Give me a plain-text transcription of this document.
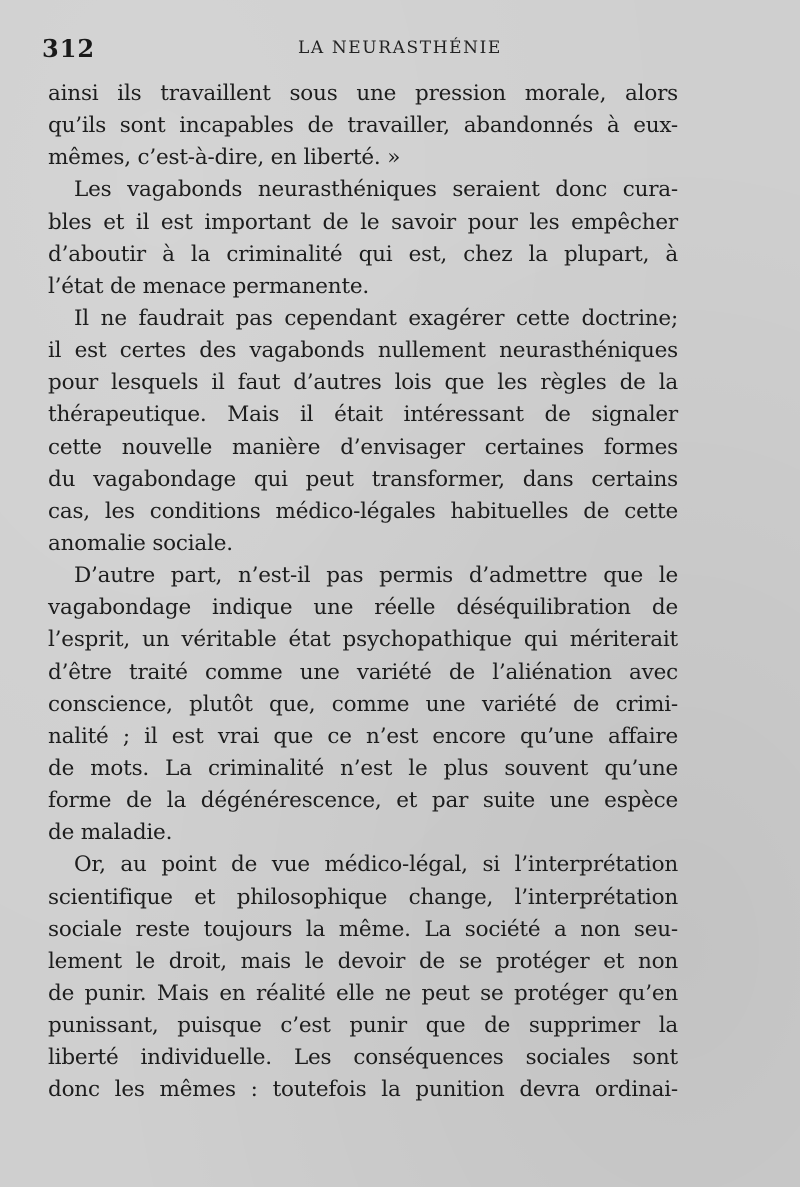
312	LA NEURASTHÉNIE
ainsi ils travaillent sous une pression morale, alors
qu’ils sont incapables de travailler, abandonnés à eux-
mêmes, c’est-à-dire, en liberté. »
Les vagabonds neurasthéniques seraient donc cura-
bles et il est important de le savoir pour les empêcher
d’aboutir à la criminalité qui est, chez la plupart, à
l’état de menace permanente.
Il ne faudrait pas cependant exagérer cette doctrine;
il est certes des vagabonds nullement neurasthéniques
pour lesquels il faut d’autres lois que les règles de la
thérapeutique. Mais il était intéressant de signaler
cette nouvelle manière d’envisager certaines formes
du vagabondage qui peut transformer, dans certains
cas, les conditions médico-légales habituelles de cette
anomalie sociale.
D’autre part, n’est-il pas permis d’admettre que le
vagabondage indique une réelle déséquilibration de
l’esprit, un véritable état psychopathique qui mériterait
d’être traité comme une variété de l’aliénation avec
conscience, plutôt que, comme une variété de crimi-
nalité ; il est vrai que ce n’est encore qu’une affaire
de mots. La criminalité n’est le plus souvent qu’une
forme de la dégénérescence, et par suite une espèce
de maladie.
Or, au point de vue médico-légal, si l’interprétation
scientifique et philosophique change, l’interprétation
sociale reste toujours la même. La société a non seu-
lement le droit, mais le devoir de se protéger et non
de punir. Mais en réalité elle ne peut se protéger qu’en
punissant, puisque c’est punir que de supprimer la
liberté individuelle. Les conséquences sociales sont
donc les mêmes : toutefois la punition devra ordinai-
